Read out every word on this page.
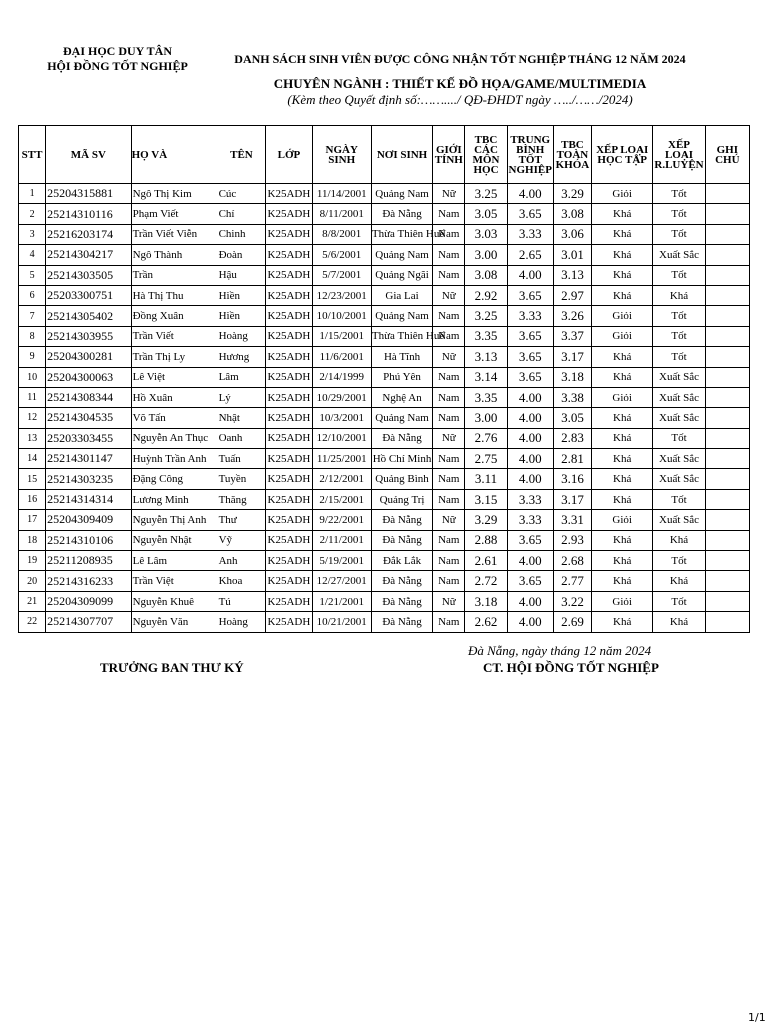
ĐẠI HỌC DUY TÂN
HỘI ĐỒNG TỐT NGHIỆP	DANH SÁCH SINH VIÊN ĐƯỢC CÔNG NHẬN TỐT NGHIỆP THÁNG 12 NĂM 2024
CHUYÊN NGÀNH : THIẾT KẾ ĐỒ HỌA/GAME/MULTIMEDIA
(Kèm theo Quyết định số:……..../ QĐ-ĐHDT ngày …../……/2024)
STT	MÃ SV	HỌ VÀ	TÊN	LỚP	NGÀY SINH	NƠI SINH	GIỚI TÍNH	TBC CÁC MÔN HỌC	TRUNG BÌNH TỐT NGHIỆP	TBC TOÀN KHÓA	XẾP LOẠI HỌC TẬP	XẾP LOẠI R.LUYỆN	GHI CHÚ
1	25204315881	Ngô Thị Kim	Cúc	K25ADH	11/14/2001	Quảng Nam	Nữ	3.25	4.00	3.29	Giỏi	Tốt	
2	25214310116	Phạm Viết	Chí	K25ADH	8/11/2001	Đà Nẵng	Nam	3.05	3.65	3.08	Khá	Tốt	
3	25216203174	Trần Viết Viễn	Chinh	K25ADH	8/8/2001	Thừa Thiên Huế	Nam	3.03	3.33	3.06	Khá	Tốt	
4	25214304217	Ngô Thành	Đoàn	K25ADH	5/6/2001	Quảng Nam	Nam	3.00	2.65	3.01	Khá	Xuất Sắc	
5	25214303505	Trần	Hậu	K25ADH	5/7/2001	Quảng Ngãi	Nam	3.08	4.00	3.13	Khá	Tốt	
6	25203300751	Hà Thị Thu	Hiền	K25ADH	12/23/2001	Gia Lai	Nữ	2.92	3.65	2.97	Khá	Khá	
7	25214305402	Đồng Xuân	Hiền	K25ADH	10/10/2001	Quảng Nam	Nam	3.25	3.33	3.26	Giỏi	Tốt	
8	25214303955	Trần Viết	Hoàng	K25ADH	1/15/2001	Thừa Thiên Huế	Nam	3.35	3.65	3.37	Giỏi	Tốt	
9	25204300281	Trần Thị Ly	Hương	K25ADH	11/6/2001	Hà Tĩnh	Nữ	3.13	3.65	3.17	Khá	Tốt	
10	25204300063	Lê Việt	Lâm	K25ADH	2/14/1999	Phú Yên	Nam	3.14	3.65	3.18	Khá	Xuất Sắc	
11	25214308344	Hồ Xuân	Lý	K25ADH	10/29/2001	Nghệ An	Nam	3.35	4.00	3.38	Giỏi	Xuất Sắc	
12	25214304535	Võ Tấn	Nhật	K25ADH	10/3/2001	Quảng Nam	Nam	3.00	4.00	3.05	Khá	Xuất Sắc	
13	25203303455	Nguyễn An Thục	Oanh	K25ADH	12/10/2001	Đà Nẵng	Nữ	2.76	4.00	2.83	Khá	Tốt	
14	25214301147	Huỳnh Trần Anh	Tuấn	K25ADH	11/25/2001	Hồ Chí Minh	Nam	2.75	4.00	2.81	Khá	Xuất Sắc	
15	25214303235	Đặng Công	Tuyền	K25ADH	2/12/2001	Quảng Bình	Nam	3.11	4.00	3.16	Khá	Xuất Sắc	
16	25214314314	Lương Minh	Thăng	K25ADH	2/15/2001	Quảng Trị	Nam	3.15	3.33	3.17	Khá	Tốt	
17	25204309409	Nguyễn Thị Anh	Thư	K25ADH	9/22/2001	Đà Nẵng	Nữ	3.29	3.33	3.31	Giỏi	Xuất Sắc	
18	25214310106	Nguyễn Nhật	Vỹ	K25ADH	2/11/2001	Đà Nẵng	Nam	2.88	3.65	2.93	Khá	Khá	
19	25211208935	Lê Lâm	Anh	K25ADH	5/19/2001	Đắk Lắk	Nam	2.61	4.00	2.68	Khá	Tốt	
20	25214316233	Trần Việt	Khoa	K25ADH	12/27/2001	Đà Nẵng	Nam	2.72	3.65	2.77	Khá	Khá	
21	25204309099	Nguyễn Khuê	Tú	K25ADH	1/21/2001	Đà Nẵng	Nữ	3.18	4.00	3.22	Giỏi	Tốt	
22	25214307707	Nguyễn Văn	Hoàng	K25ADH	10/21/2001	Đà Nẵng	Nam	2.62	4.00	2.69	Khá	Khá	
Đà Nẵng, ngày tháng 12 năm 2024
TRƯỞNG BAN THƯ KÝ	CT. HỘI ĐỒNG TỐT NGHIỆP
1/1
